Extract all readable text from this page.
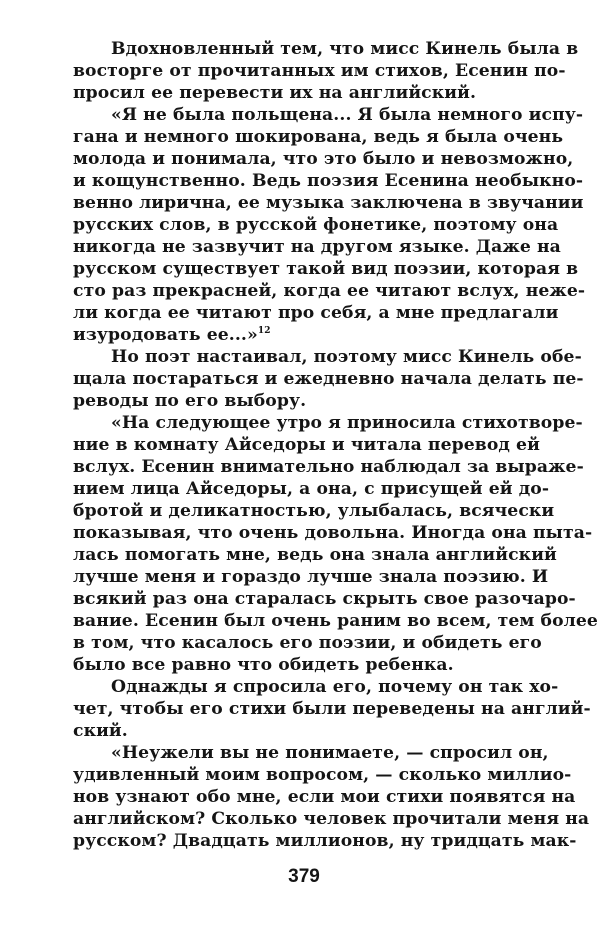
Вдохновленный тем, что мисс Кинель была в
восторге от прочитанных им стихов, Есенин по-
просил ее перевести их на английский.
«Я не была польщена... Я была немного испу-
гана и немного шокирована, ведь я была очень
молода и понимала, что это было и невозможно,
и кощунственно. Ведь поэзия Есенина необыкно-
венно лирична, ее музыка заключена в звучании
русских слов, в русской фонетике, поэтому она
никогда не зазвучит на другом языке. Даже на
русском существует такой вид поэзии, которая в
сто раз прекрасней, когда ее читают вслух, неже-
ли когда ее читают про себя, а мне предлагали
изуродовать ее...»$^{12}$
Но поэт настаивал, поэтому мисс Кинель обе-
щала постараться и ежедневно начала делать пе-
реводы по его выбору.
«На следующее утро я приносила стихотворе-
ние в комнату Айседоры и читала перевод ей
вслух. Есенин внимательно наблюдал за выраже-
нием лица Айседоры, а она, с присущей ей до-
бротой и деликатностью, улыбалась, всячески
показывая, что очень довольна. Иногда она пыта-
лась помогать мне, ведь она знала английский
лучше меня и гораздо лучше знала поэзию. И
всякий раз она старалась скрыть свое разочаро-
вание. Есенин был очень раним во всем, тем более
в том, что касалось его поэзии, и обидеть его
было все равно что обидеть ребенка.
Однажды я спросила его, почему он так хо-
чет, чтобы его стихи были переведены на англий-
ский.
«Неужели вы не понимаете, — спросил он,
удивленный моим вопросом, — сколько миллио-
нов узнают обо мне, если мои стихи появятся на
английском? Сколько человек прочитали меня на
русском? Двадцать миллионов, ну тридцать мак-
379
